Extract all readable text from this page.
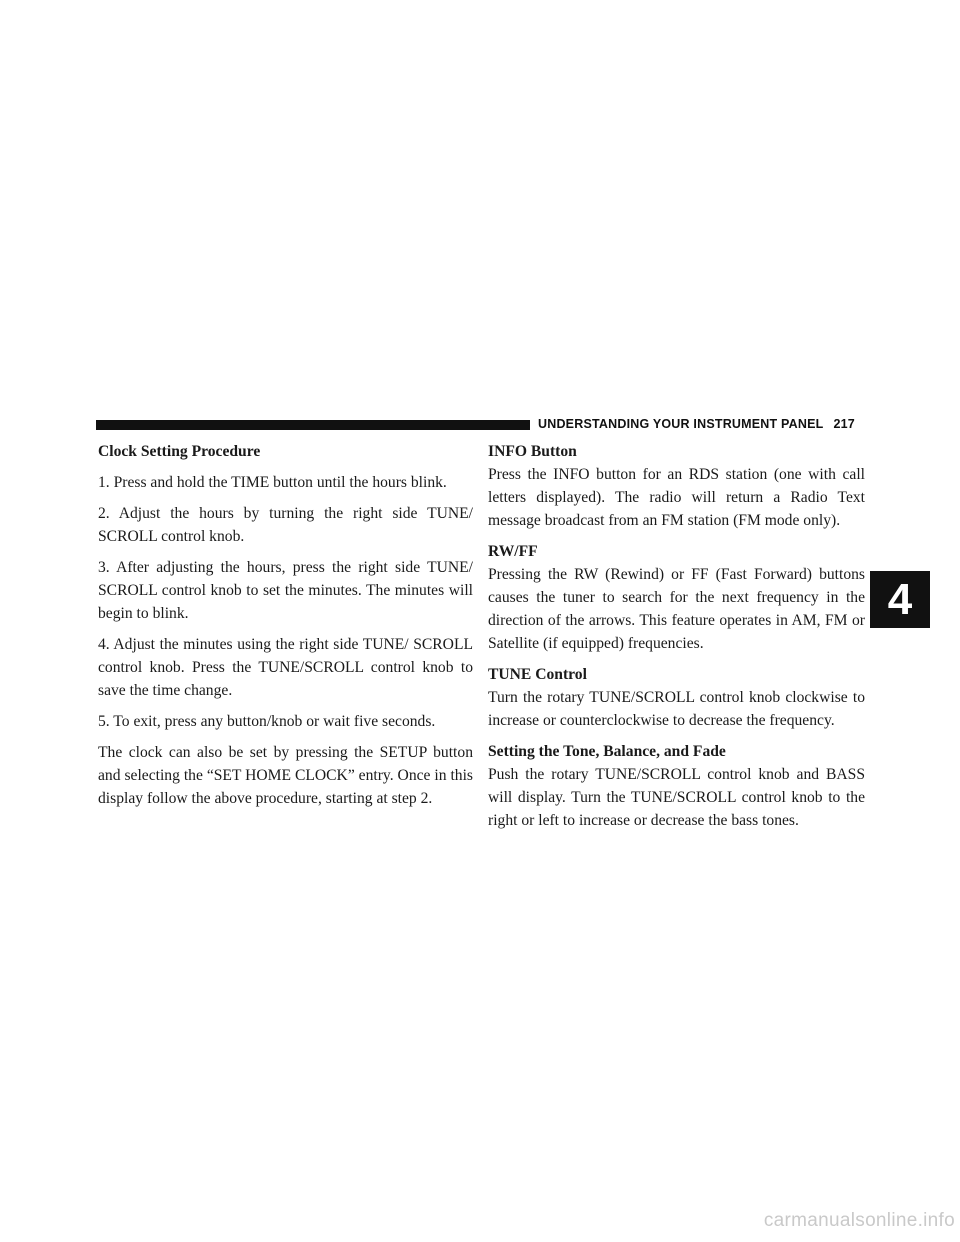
UNDERSTANDING YOUR INSTRUMENT PANEL 217
4
Clock Setting Procedure

1. Press and hold the TIME button until the hours blink.

2. Adjust the hours by turning the right side TUNE/ SCROLL control knob.

3. After adjusting the hours, press the right side TUNE/ SCROLL control knob to set the minutes. The minutes will begin to blink.

4. Adjust the minutes using the right side TUNE/ SCROLL control knob. Press the TUNE/SCROLL control knob to save the time change.

5. To exit, press any button/knob or wait five seconds.

The clock can also be set by pressing the SETUP button and selecting the “SET HOME CLOCK” entry. Once in this display follow the above procedure, starting at step 2.

INFO Button

Press the INFO button for an RDS station (one with call letters displayed). The radio will return a Radio Text message broadcast from an FM station (FM mode only).

RW/FF

Pressing the RW (Rewind) or FF (Fast Forward) buttons causes the tuner to search for the next frequency in the direction of the arrows. This feature operates in AM, FM or Satellite (if equipped) frequencies.

TUNE Control

Turn the rotary TUNE/SCROLL control knob clockwise to increase or counterclockwise to decrease the frequency.

Setting the Tone, Balance, and Fade

Push the rotary TUNE/SCROLL control knob and BASS will display. Turn the TUNE/SCROLL control knob to the right or left to increase or decrease the bass tones.

carmanualsonline.info
